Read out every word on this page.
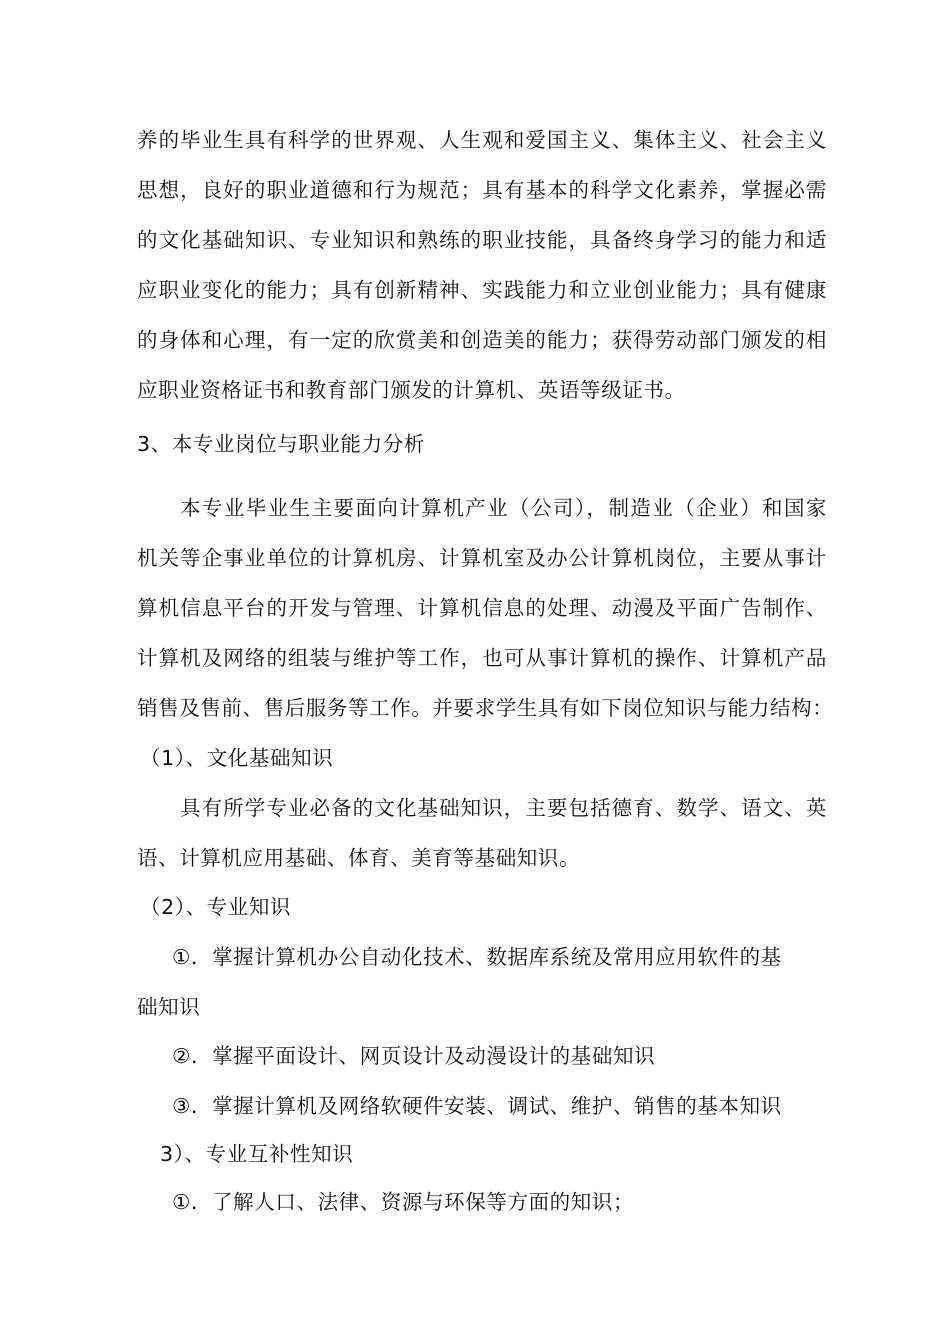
养的毕业生具有科学的世界观、人生观和爱国主义、集体主义、社会主义
思想，良好的职业道德和行为规范；具有基本的科学文化素养，掌握必需
的文化基础知识、专业知识和熟练的职业技能，具备终身学习的能力和适
应职业变化的能力；具有创新精神、实践能力和立业创业能力；具有健康
的身体和心理，有一定的欣赏美和创造美的能力；获得劳动部门颁发的相
应职业资格证书和教育部门颁发的计算机、英语等级证书。
3、本专业岗位与职业能力分析
本专业毕业生主要面向计算机产业（公司），制造业（企业）和国家
机关等企事业单位的计算机房、计算机室及办公计算机岗位，主要从事计
算机信息平台的开发与管理、计算机信息的处理、动漫及平面广告制作、
计算机及网络的组装与维护等工作，也可从事计算机的操作、计算机产品
销售及售前、售后服务等工作。并要求学生具有如下岗位知识与能力结构：
（1）、文化基础知识
具有所学专业必备的文化基础知识，主要包括德育、数学、语文、英
语、计算机应用基础、体育、美育等基础知识。
（2）、专业知识
①．掌握计算机办公自动化技术、数据库系统及常用应用软件的基
础知识
②．掌握平面设计、网页设计及动漫设计的基础知识
③．掌握计算机及网络软硬件安装、调试、维护、销售的基本知识
3）、专业互补性知识
①．了解人口、法律、资源与环保等方面的知识；
